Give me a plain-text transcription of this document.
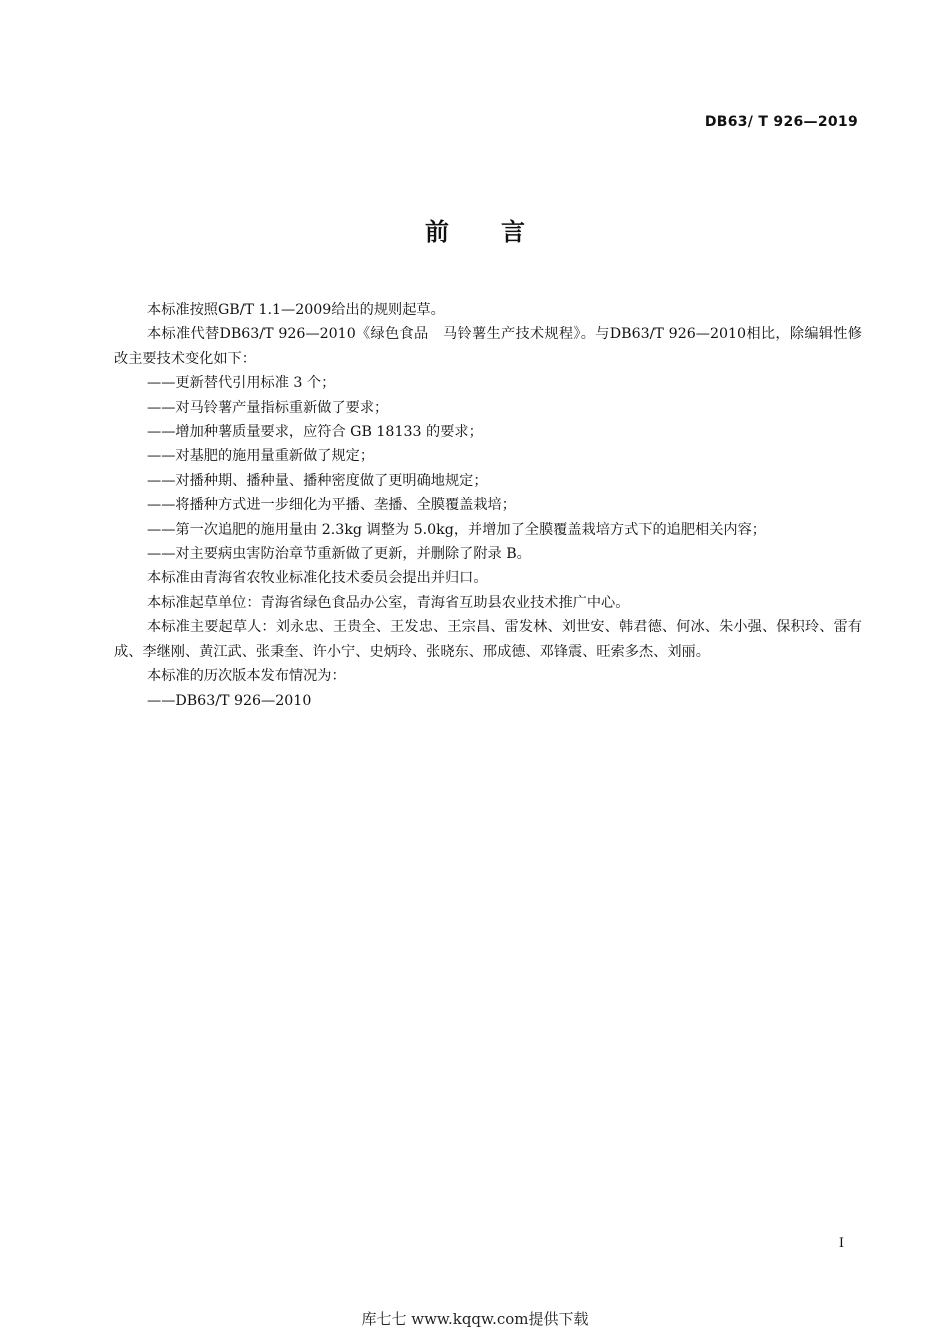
DB63/ T 926—2019
前 言

本标准按照GB/T 1.1—2009给出的规则起草。

本标准代替DB63/T 926—2010《绿色食品　马铃薯生产技术规程》。与DB63/T 926—2010相比，除编辑性修改主要技术变化如下：

——更新替代引用标准 3 个；

——对马铃薯产量指标重新做了要求；

——增加种薯质量要求，应符合 GB 18133 的要求；

——对基肥的施用量重新做了规定；

——对播种期、播种量、播种密度做了更明确地规定；

——将播种方式进一步细化为平播、垄播、全膜覆盖栽培；

——第一次追肥的施用量由 2.3kg 调整为 5.0kg，并增加了全膜覆盖栽培方式下的追肥相关内容；

——对主要病虫害防治章节重新做了更新，并删除了附录 B。

本标准由青海省农牧业标准化技术委员会提出并归口。

本标准起草单位：青海省绿色食品办公室，青海省互助县农业技术推广中心。

本标准主要起草人：刘永忠、王贵全、王发忠、王宗昌、雷发林、刘世安、韩君德、何冰、朱小强、保积玲、雷有成、李继刚、黄江武、张秉奎、许小宁、史炳玲、张晓东、邢成德、邓锋震、旺索多杰、刘丽。

本标准的历次版本发布情况为：

——DB63/T 926—2010

I
库七七 www.kqqw.com提供下载
